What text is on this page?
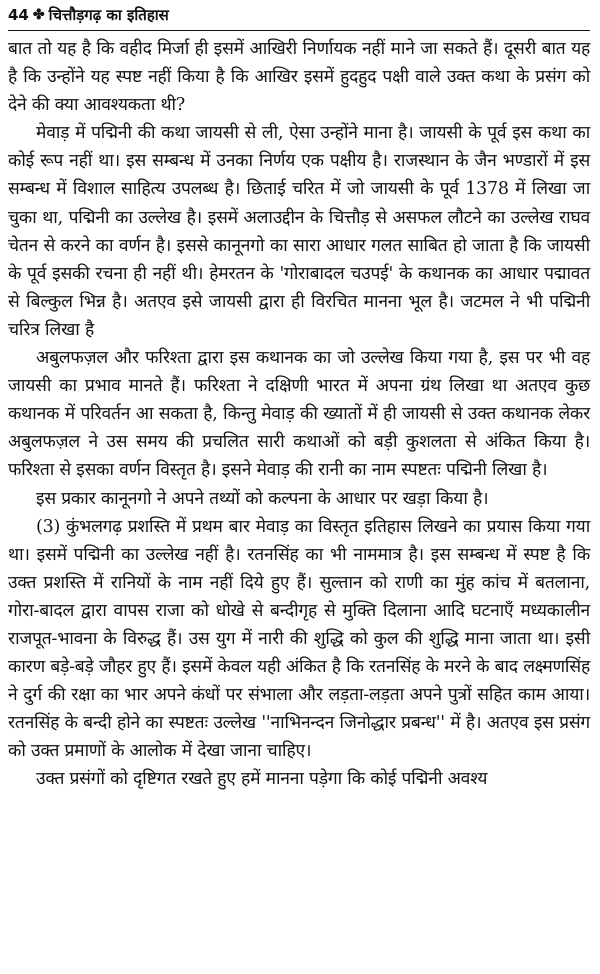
44 ✤ चित्तौड़गढ़ का इतिहास

बात तो यह है कि वहीद मिर्जा ही इसमें आखिरी निर्णायक नहीं माने जा सकते हैं। दूसरी बात यह है कि उन्होंने यह स्पष्ट नहीं किया है कि आखिर इसमें हुदहुद पक्षी वाले उक्त कथा के प्रसंग को देने की क्या आवश्यकता थी?

मेवाड़ में पद्मिनी की कथा जायसी से ली, ऐसा उन्होंने माना है। जायसी के पूर्व इस कथा का कोई रूप नहीं था। इस सम्बन्ध में उनका निर्णय एक पक्षीय है। राजस्थान के जैन भण्डारों में इस सम्बन्ध में विशाल साहित्य उपलब्ध है। छिताई चरित में जो जायसी के पूर्व 1378 में लिखा जा चुका था, पद्मिनी का उल्लेख है। इसमें अलाउद्दीन के चित्तौड़ से असफल लौटने का उल्लेख राघव चेतन से करने का वर्णन है। इससे कानूनगो का सारा आधार गलत साबित हो जाता है कि जायसी के पूर्व इसकी रचना ही नहीं थी। हेमरतन के 'गोराबादल चउपई' के कथानक का आधार पद्मावत से बिल्कुल भिन्न है। अतएव इसे जायसी द्वारा ही विरचित मानना भूल है। जटमल ने भी पद्मिनी चरित्र लिखा है

अबुलफज़ल और फरिश्ता द्वारा इस कथानक का जो उल्लेख किया गया है, इस पर भी वह जायसी का प्रभाव मानते हैं। फरिश्ता ने दक्षिणी भारत में अपना ग्रंथ लिखा था अतएव कुछ कथानक में परिवर्तन आ सकता है, किन्तु मेवाड़ की ख्यातों में ही जायसी से उक्त कथानक लेकर अबुलफज़ल ने उस समय की प्रचलित सारी कथाओं को बड़ी कुशलता से अंकित किया है। फरिश्ता से इसका वर्णन विस्तृत है। इसने मेवाड़ की रानी का नाम स्पष्टतः पद्मिनी लिखा है।

इस प्रकार कानूनगो ने अपने तथ्यों को कल्पना के आधार पर खड़ा किया है।

(3) कुंभलगढ़ प्रशस्ति में प्रथम बार मेवाड़ का विस्तृत इतिहास लिखने का प्रयास किया गया था। इसमें पद्मिनी का उल्लेख नहीं है। रतनसिंह का भी नाममात्र है। इस सम्बन्ध में स्पष्ट है कि उक्त प्रशस्ति में रानियों के नाम नहीं दिये हुए हैं। सुल्तान को राणी का मुंह कांच में बतलाना, गोरा-बादल द्वारा वापस राजा को धोखे से बन्दीगृह से मुक्ति दिलाना आदि घटनाएँ मध्यकालीन राजपूत-भावना के विरुद्ध हैं। उस युग में नारी की शुद्धि को कुल की शुद्धि माना जाता था। इसी कारण बड़े-बड़े जौहर हुए हैं। इसमें केवल यही अंकित है कि रतनसिंह के मरने के बाद लक्ष्मणसिंह ने दुर्ग की रक्षा का भार अपने कंधों पर संभाला और लड़ता-लड़ता अपने पुत्रों सहित काम आया। रतनसिंह के बन्दी होने का स्पष्टतः उल्लेख ''नाभिनन्दन जिनोद्धार प्रबन्ध'' में है। अतएव इस प्रसंग को उक्त प्रमाणों के आलोक में देखा जाना चाहिए।

उक्त प्रसंगों को दृष्टिगत रखते हुए हमें मानना पड़ेगा कि कोई पद्मिनी अवश्य
